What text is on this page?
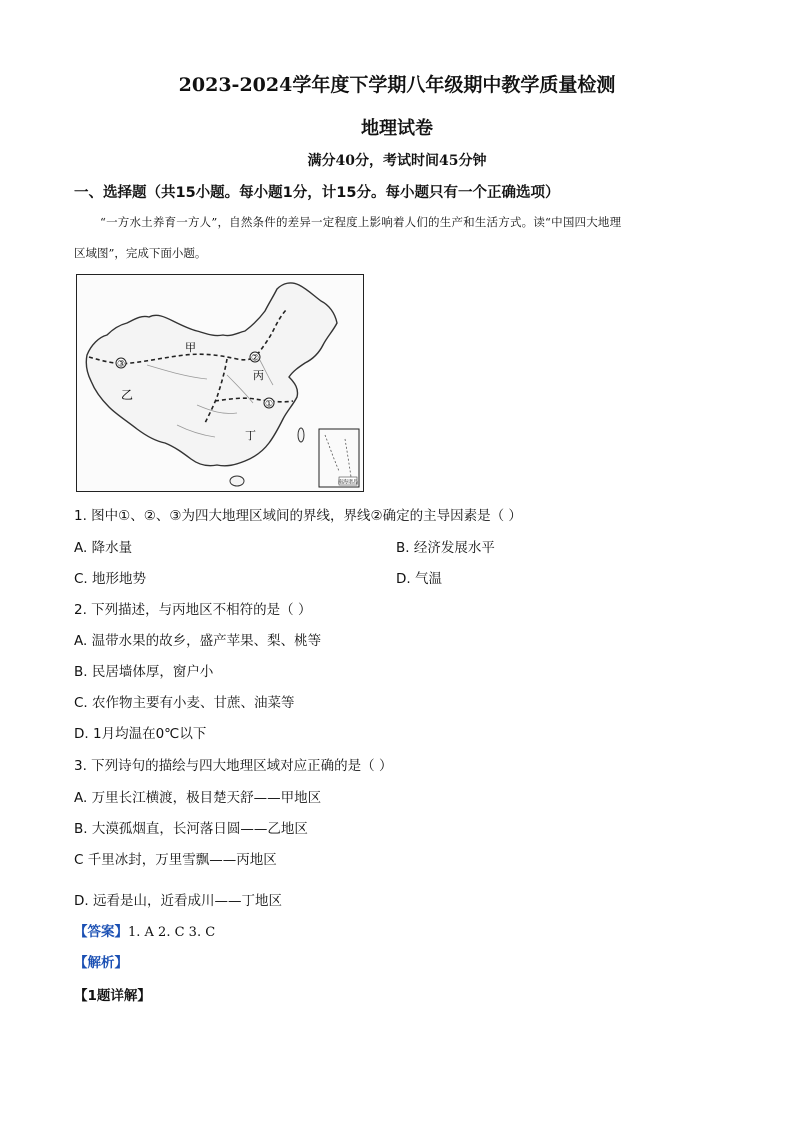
2023-2024学年度下学期八年级期中教学质量检测
地理试卷
满分40分，考试时间45分钟
一、选择题（共15小题。每小题1分，计15分。每小题只有一个正确选项）
“一方水土养育一方人”，自然条件的差异一定程度上影响着人们的生产和生活方式。读“中国四大地理
区域图”，完成下面小题。
③
②
①
甲
乙
丙
丁
南海诸岛
1. 图中①、②、③为四大地理区域间的界线，界线②确定的主导因素是（ ）
A. 降水量	B. 经济发展水平
C. 地形地势	D. 气温
2. 下列描述，与丙地区不相符的是（ ）
A. 温带水果的故乡，盛产苹果、梨、桃等
B. 民居墙体厚，窗户小
C. 农作物主要有小麦、甘蔗、油菜等
D. 1月均温在0℃以下
3. 下列诗句的描绘与四大地理区域对应正确的是（ ）
A. 万里长江横渡，极目楚天舒——甲地区
B. 大漠孤烟直，长河落日圆——乙地区
C 千里冰封，万里雪飘——丙地区
D. 远看是山，近看成川——丁地区
【答案】1. A 2. C 3. C
【解析】
【1题详解】
